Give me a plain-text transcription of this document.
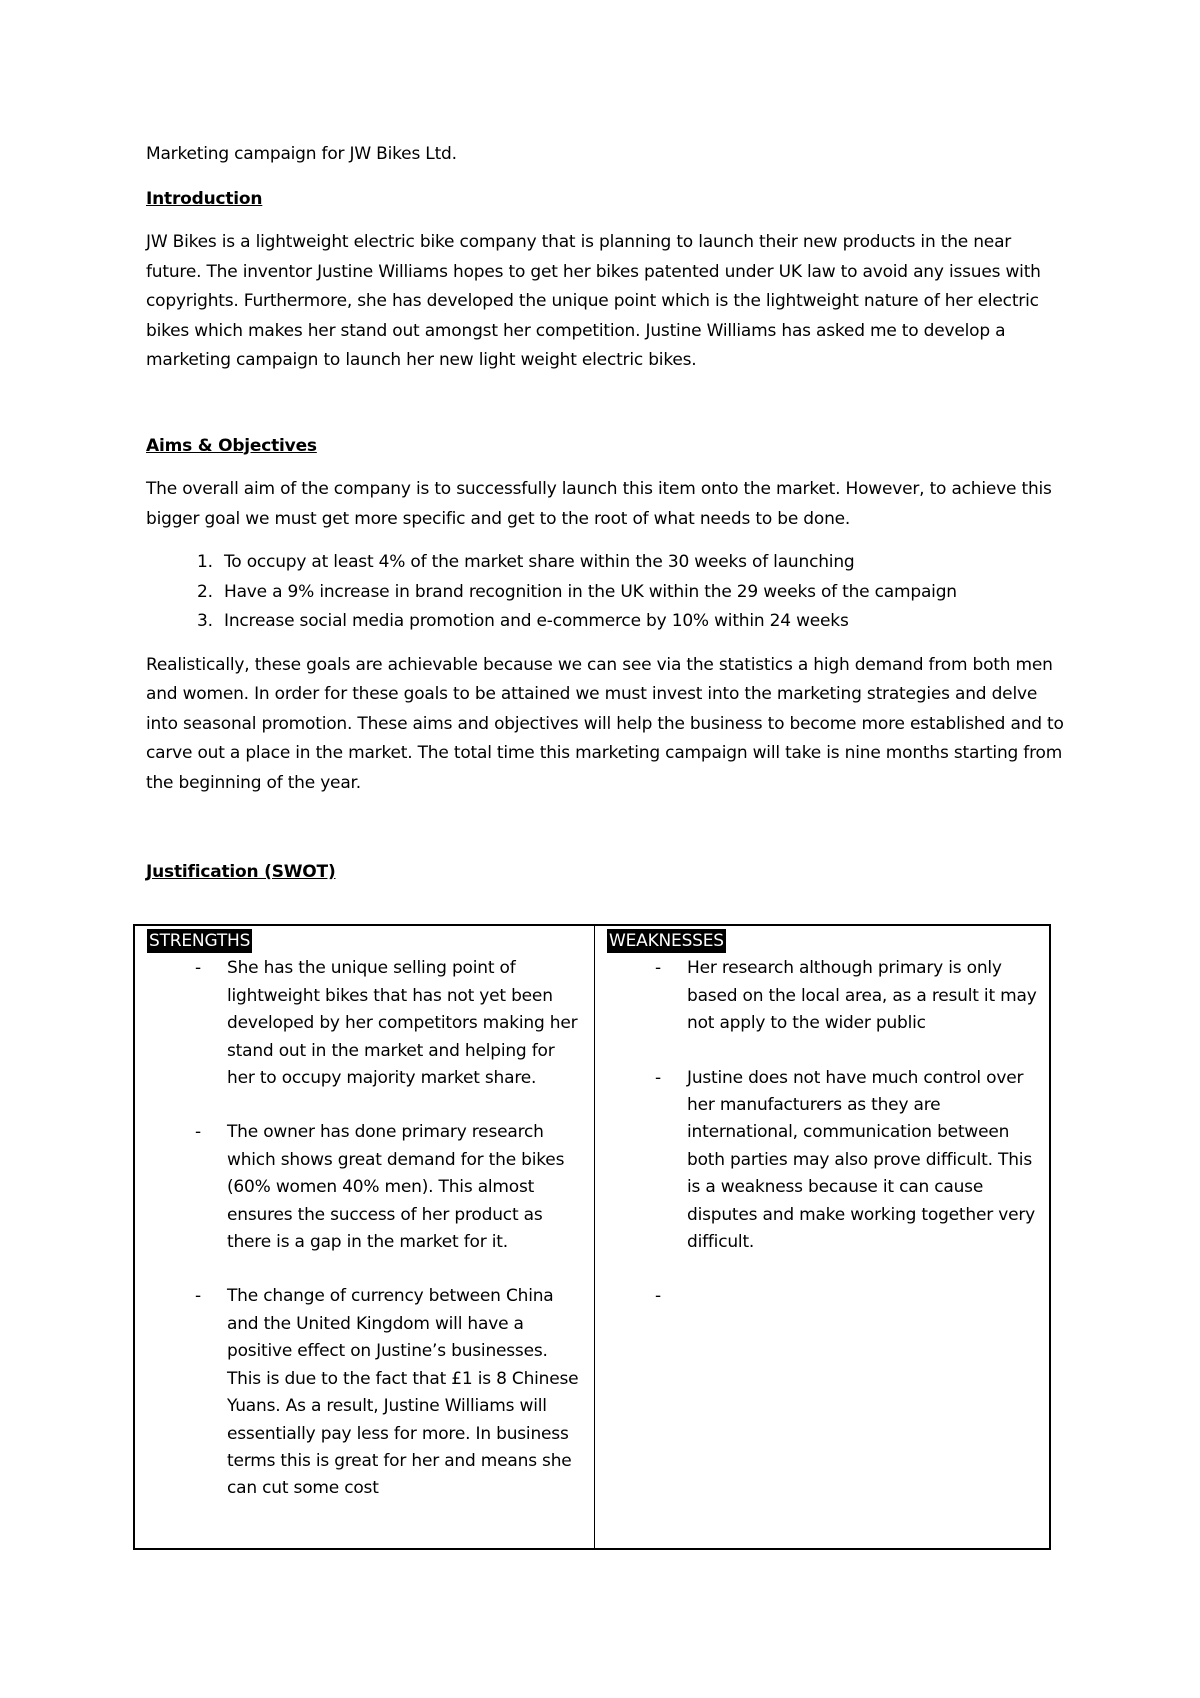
Marketing campaign for JW Bikes Ltd.

Introduction

JW Bikes is a lightweight electric bike company that is planning to launch their new products in the near future. The inventor Justine Williams hopes to get her bikes patented under UK law to avoid any issues with copyrights. Furthermore, she has developed the unique point which is the lightweight nature of her electric bikes which makes her stand out amongst her competition. Justine Williams has asked me to develop a marketing campaign to launch her new light weight electric bikes.

Aims & Objectives

The overall aim of the company is to successfully launch this item onto the market. However, to achieve this bigger goal we must get more specific and get to the root of what needs to be done.

1. To occupy at least 4% of the market share within the 30 weeks of launching
2. Have a 9% increase in brand recognition in the UK within the 29 weeks of the campaign
3. Increase social media promotion and e-commerce by 10% within 24 weeks

Realistically, these goals are achievable because we can see via the statistics a high demand from both men and women. In order for these goals to be attained we must invest into the marketing strategies and delve into seasonal promotion. These aims and objectives will help the business to become more established and to carve out a place in the market. The total time this marketing campaign will take is nine months starting from the beginning of the year.

Justification (SWOT)

STRENGTHS
- She has the unique selling point of lightweight bikes that has not yet been developed by her competitors making her stand out in the market and helping for her to occupy majority market share.
- The owner has done primary research which shows great demand for the bikes (60% women 40% men). This almost ensures the success of her product as there is a gap in the market for it.
- The change of currency between China and the United Kingdom will have a positive effect on Justine’s businesses. This is due to the fact that £1 is 8 Chinese Yuans. As a result, Justine Williams will essentially pay less for more. In business terms this is great for her and means she can cut some cost
WEAKNESSES
- Her research although primary is only based on the local area, as a result it may not apply to the wider public
- Justine does not have much control over her manufacturers as they are international, communication between both parties may also prove difficult. This is a weakness because it can cause disputes and make working together very difficult.
-
